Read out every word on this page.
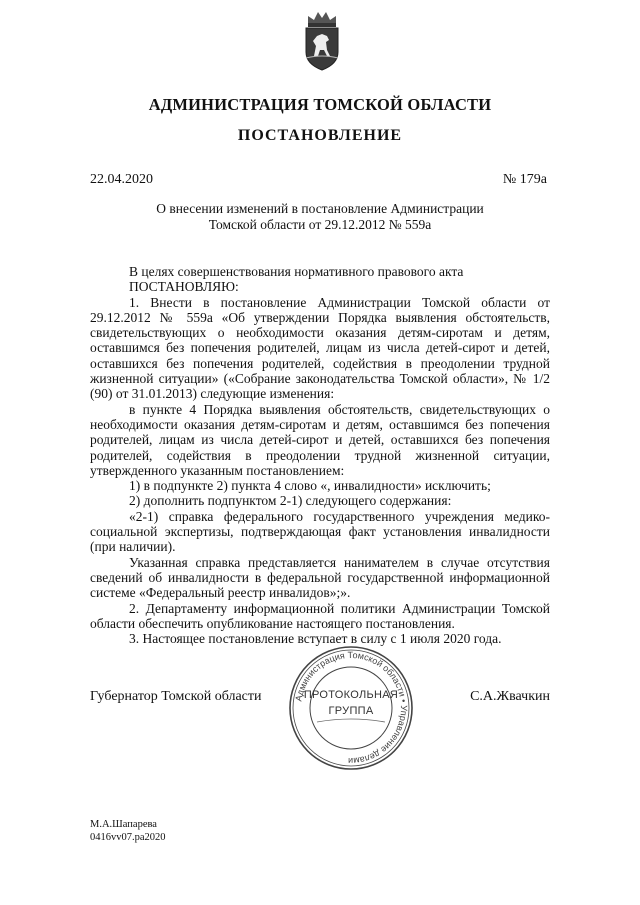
АДМИНИСТРАЦИЯ ТОМСКОЙ ОБЛАСТИ
ПОСТАНОВЛЕНИЕ
22.04.2020	№ 179а
О внесении изменений в постановление Администрации
Томской области от 29.12.2012 № 559а

В целях совершенствования нормативного правового акта

ПОСТАНОВЛЯЮ:

1. Внести в постановление Администрации Томской области от 29.12.2012 № 559а «Об утверждении Порядка выявления обстоятельств, свидетельствующих о необходимости оказания детям-сиротам и детям, оставшимся без попечения родителей, лицам из числа детей-сирот и детей, оставшихся без попечения родителей, содействия в преодолении трудной жизненной ситуации» («Собрание законодательства Томской области», № 1/2 (90) от 31.01.2013) следующие изменения:

в пункте 4 Порядка выявления обстоятельств, свидетельствующих о необходимости оказания детям-сиротам и детям, оставшимся без попечения родителей, лицам из числа детей-сирот и детей, оставшихся без попечения родителей, содействия в преодолении трудной жизненной ситуации, утвержденного указанным постановлением:

1) в подпункте 2) пункта 4 слово «, инвалидности» исключить;

2) дополнить подпунктом 2-1) следующего содержания:

«2-1) справка федерального государственного учреждения медико-социальной экспертизы, подтверждающая факт установления инвалидности (при наличии).

Указанная справка представляется нанимателем в случае отсутствия сведений об инвалидности в федеральной государственной информационной системе «Федеральный реестр инвалидов»;».

2. Департаменту информационной политики Администрации Томской области обеспечить опубликование настоящего постановления.

3. Настоящее постановление вступает в силу с 1 июля 2020 года.

Губернатор Томской области	С.А.Жвачкин
Администрация Томской области • Управление делами
ПРОТОКОЛЬНАЯ
ГРУППА
М.А.Шапарева
0416vv07.pa2020
